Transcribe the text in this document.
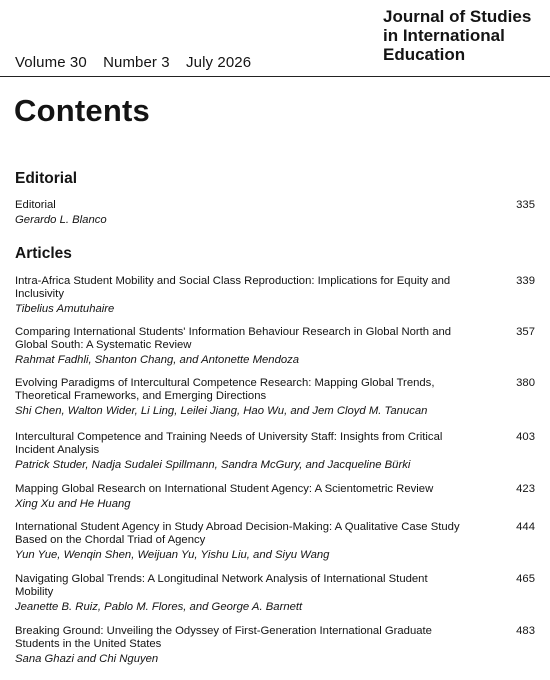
Volume 30 Number 3 July 2026
Journal of Studies
in International
Education
Contents
Editorial
Editorial
Gerardo L. Blanco
335
Articles
Intra-Africa Student Mobility and Social Class Reproduction: Implications for Equity and Inclusivity
Tibelius Amutuhaire
339
Comparing International Students' Information Behaviour Research in Global North and Global South: A Systematic Review
Rahmat Fadhli, Shanton Chang, and Antonette Mendoza
357
Evolving Paradigms of Intercultural Competence Research: Mapping Global Trends, Theoretical Frameworks, and Emerging Directions
Shi Chen, Walton Wider, Li Ling, Leilei Jiang, Hao Wu, and Jem Cloyd M. Tanucan
380
Intercultural Competence and Training Needs of University Staff: Insights from Critical Incident Analysis
Patrick Studer, Nadja Sudalei Spillmann, Sandra McGury, and Jacqueline Bürki
403
Mapping Global Research on International Student Agency: A Scientometric Review
Xing Xu and He Huang
423
International Student Agency in Study Abroad Decision-Making: A Qualitative Case Study Based on the Chordal Triad of Agency
Yun Yue, Wenqin Shen, Weijuan Yu, Yishu Liu, and Siyu Wang
444
Navigating Global Trends: A Longitudinal Network Analysis of International Student Mobility
Jeanette B. Ruiz, Pablo M. Flores, and George A. Barnett
465
Breaking Ground: Unveiling the Odyssey of First-Generation International Graduate Students in the United States
Sana Ghazi and Chi Nguyen
483
